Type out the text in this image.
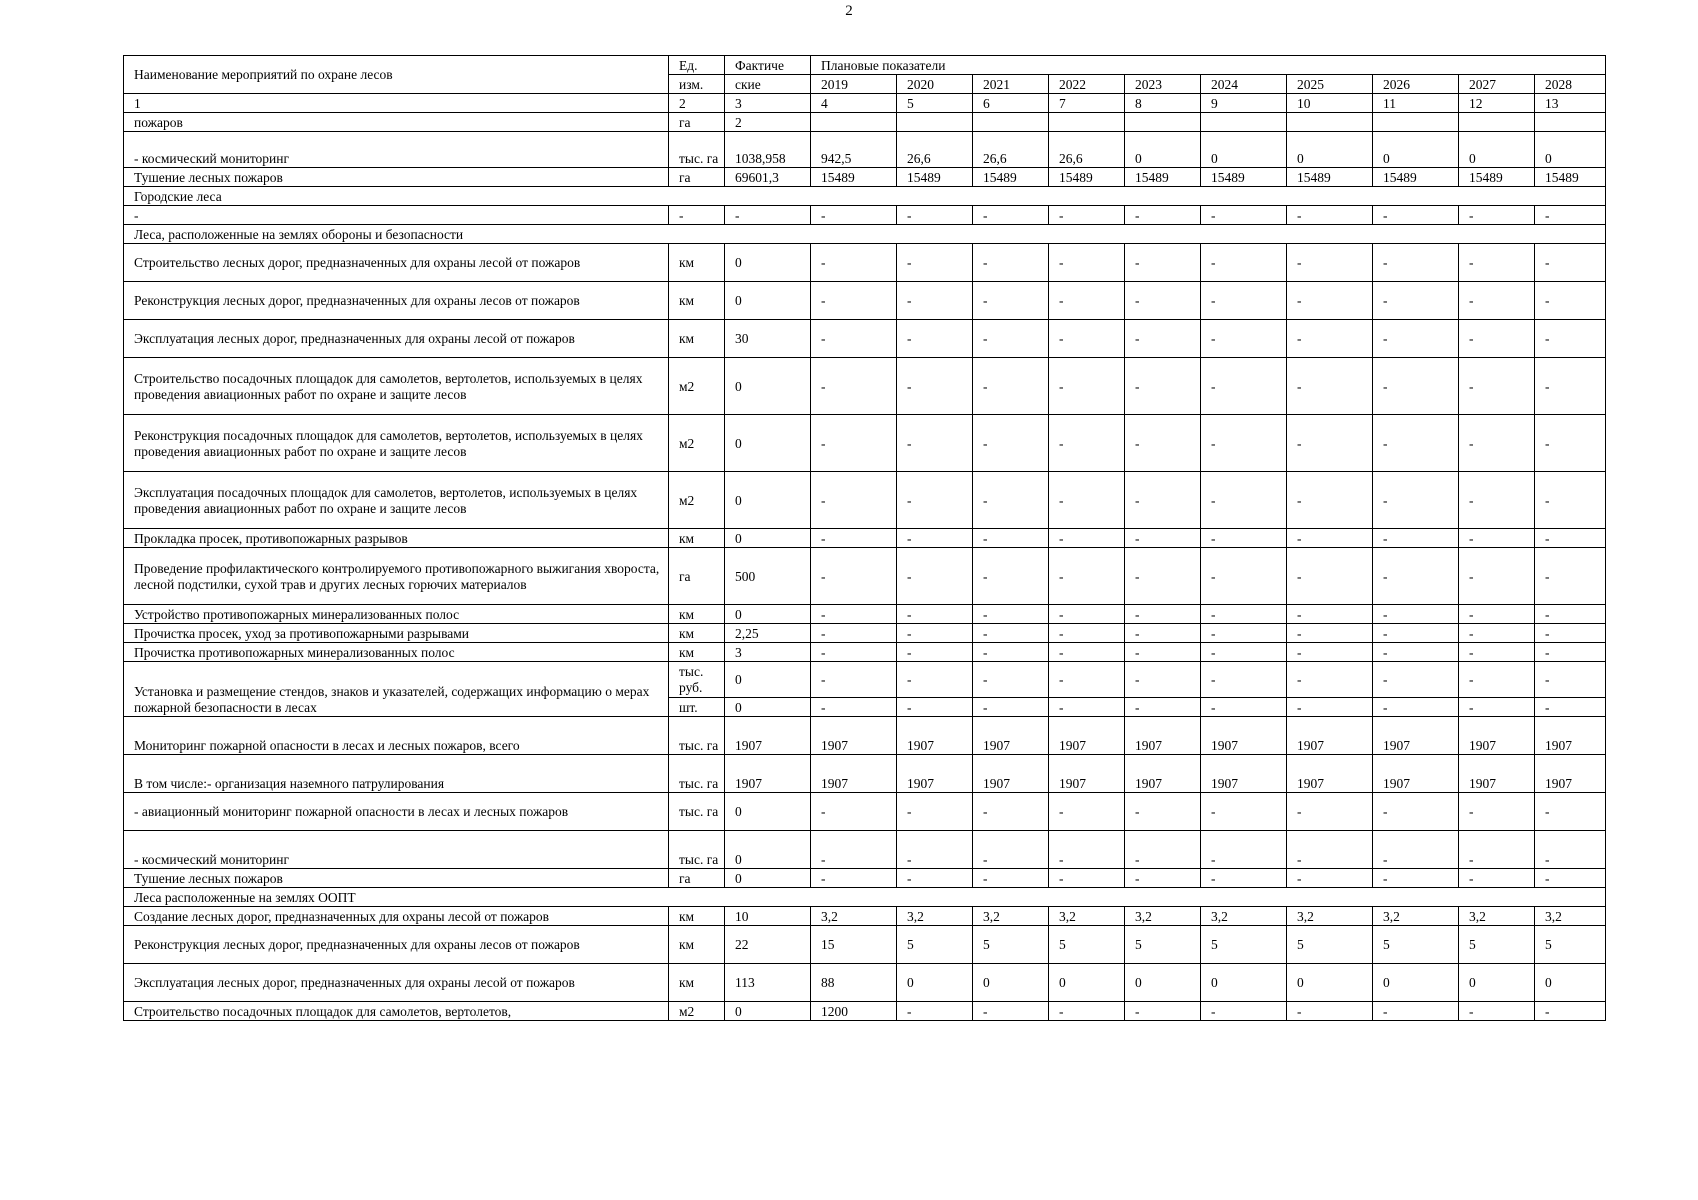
2
Наименование мероприятий по охране лесов	Ед.	Фактиче	Плановые показатели									
	изм.	ские	2019	2020	2021	2022	2023	2024	2025	2026	2027	2028
1	2	3	4	5	6	7	8	9	10	11	12	13
пожаров	га	2										
- космический мониторинг	тыс. га	1038,958	942,5	26,6	26,6	26,6	0	0	0	0	0	0
Тушение лесных пожаров	га	69601,3	15489	15489	15489	15489	15489	15489	15489	15489	15489	15489
Городские леса												
-	-	-	-	-	-	-	-	-	-	-	-	-
Леса, расположенные на землях обороны и безопасности												
Строительство лесных дорог, предназначенных для охраны лесой от пожаров	км	0	-	-	-	-	-	-	-	-	-	-
Реконструкция лесных дорог, предназначенных для охраны лесов от пожаров	км	0	-	-	-	-	-	-	-	-	-	-
Эксплуатация лесных дорог, предназначенных для охраны лесой от пожаров	км	30	-	-	-	-	-	-	-	-	-	-
Строительство посадочных площадок для самолетов, вертолетов, используемых в целях проведения авиационных работ по охране и защите лесов	м2	0	-	-	-	-	-	-	-	-	-	-
Реконструкция посадочных площадок для самолетов, вертолетов, используемых в целях проведения авиационных работ по охране и защите лесов	м2	0	-	-	-	-	-	-	-	-	-	-
Эксплуатация посадочных площадок для самолетов, вертолетов, используемых в целях проведения авиационных работ по охране и защите лесов	м2	0	-	-	-	-	-	-	-	-	-	-
Прокладка просек, противопожарных разрывов	км	0	-	-	-	-	-	-	-	-	-	-
Проведение профилактического контролируемого противопожарного выжигания хвороста, лесной подстилки, сухой трав и других лесных горючих материалов	га	500	-	-	-	-	-	-	-	-	-	-
Устройство противопожарных минерализованных полос	км	0	-	-	-	-	-	-	-	-	-	-
Прочистка просек, уход за противопожарными разрывами	км	2,25	-	-	-	-	-	-	-	-	-	-
Прочистка противопожарных минерализованных полос	км	3	-	-	-	-	-	-	-	-	-	-
Установка и размещение стендов, знаков и указателей, содержащих информацию о мерах пожарной безопасности в лесах	тыс. руб.	0	-	-	-	-	-	-	-	-	-	-
	шт.	0	-	-	-	-	-	-	-	-	-	-
Мониторинг пожарной опасности в лесах и лесных пожаров, всего	тыс. га	1907	1907	1907	1907	1907	1907	1907	1907	1907	1907	1907
В том числе:- организация наземного патрулирования	тыс. га	1907	1907	1907	1907	1907	1907	1907	1907	1907	1907	1907
- авиационный мониторинг пожарной опасности в лесах и лесных пожаров	тыс. га	0	-	-	-	-	-	-	-	-	-	-
- космический мониторинг	тыс. га	0	-	-	-	-	-	-	-	-	-	-
Тушение лесных пожаров	га	0	-	-	-	-	-	-	-	-	-	-
Леса расположенные на землях ООПТ												
Создание лесных дорог, предназначенных для охраны лесой от пожаров	км	10	3,2	3,2	3,2	3,2	3,2	3,2	3,2	3,2	3,2	3,2
Реконструкция лесных дорог, предназначенных для охраны лесов от пожаров	км	22	15	5	5	5	5	5	5	5	5	5
Эксплуатация лесных дорог, предназначенных для охраны лесой от пожаров	км	113	88	0	0	0	0	0	0	0	0	0
Строительство посадочных площадок для самолетов, вертолетов,	м2	0	1200	-	-	-	-	-	-	-	-	-
